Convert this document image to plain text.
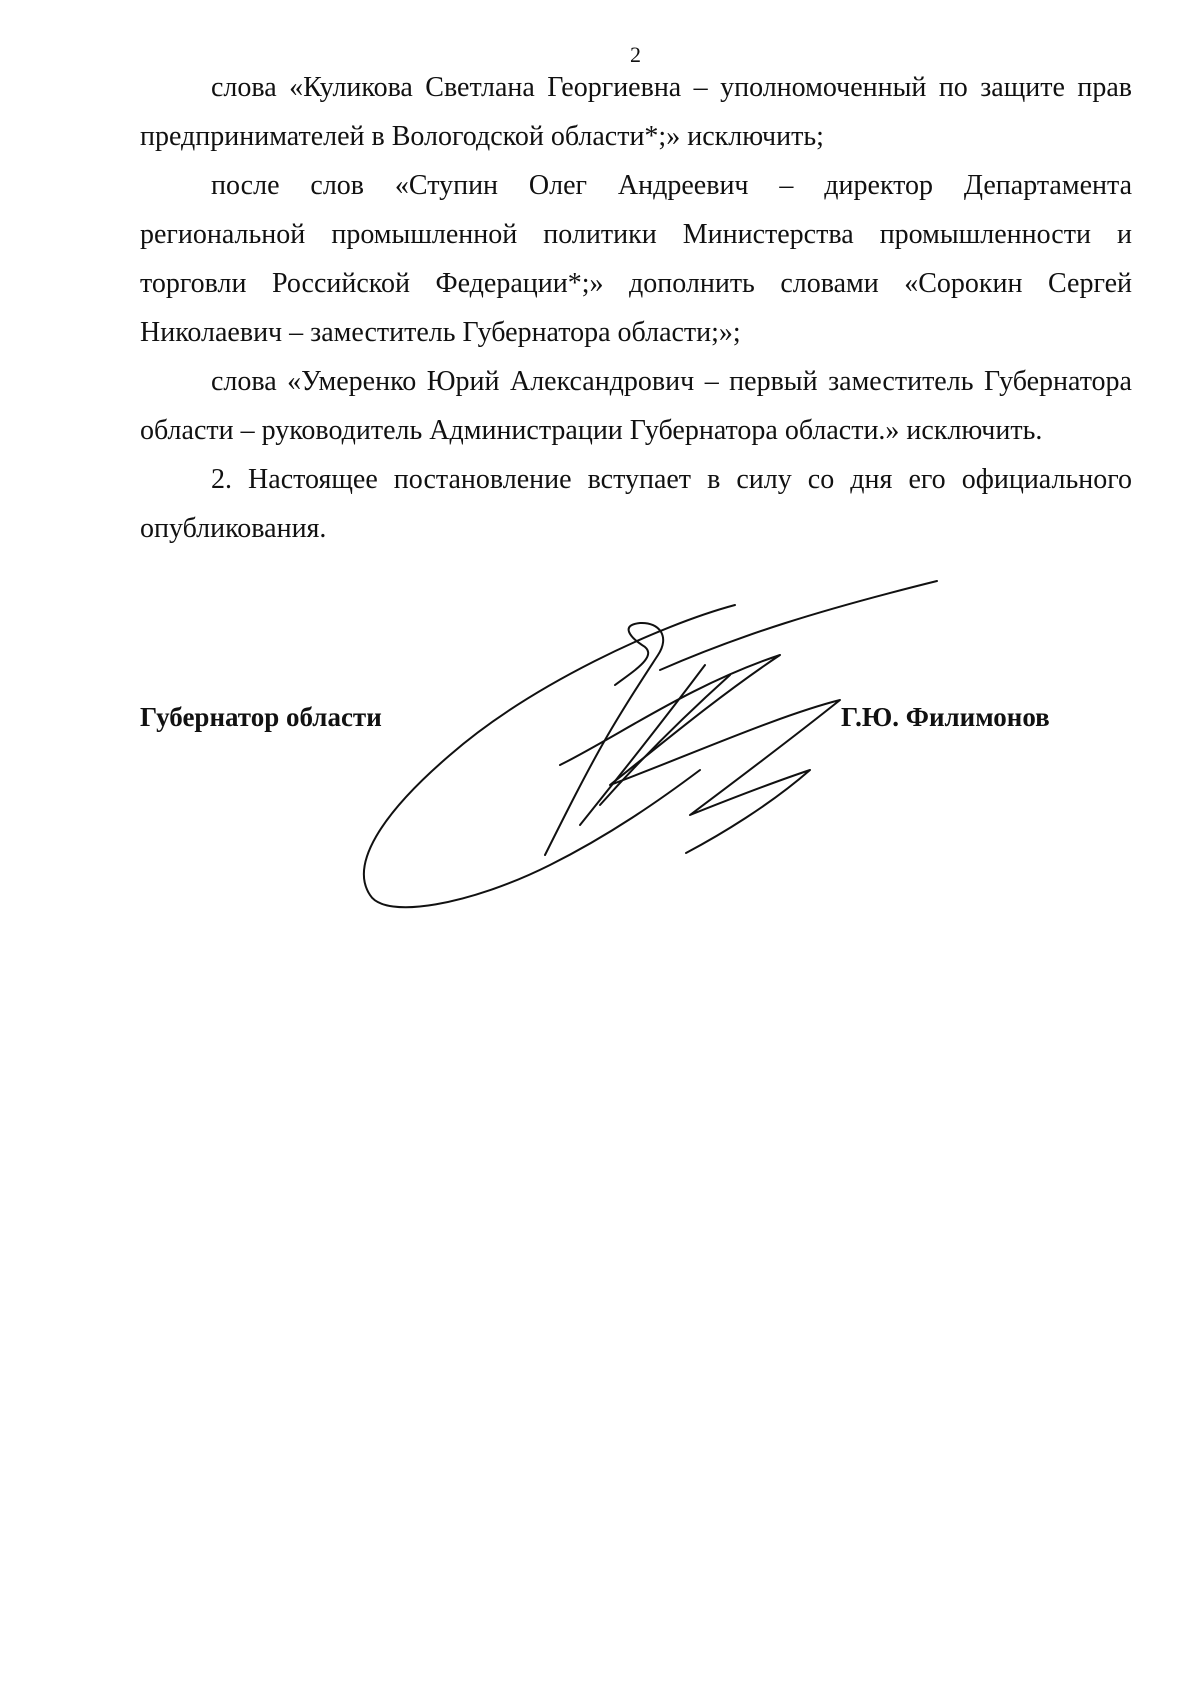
2

слова «Куликова Светлана Георгиевна – уполномоченный по защите прав предпринимателей в Вологодской области*;» исключить;

после слов «Ступин Олег Андреевич – директор Департамента региональной промышленной политики Министерства промышленности и торговли Российской Федерации*;» дополнить словами «Сорокин Сергей Николаевич – заместитель Губернатора области;»;

слова «Умеренко Юрий Александрович – первый заместитель Губернатора области – руководитель Администрации Губернатора области.» исключить.

2. Настоящее постановление вступает в силу со дня его официального опубликования.

Губернатор области	Г.Ю. Филимонов
